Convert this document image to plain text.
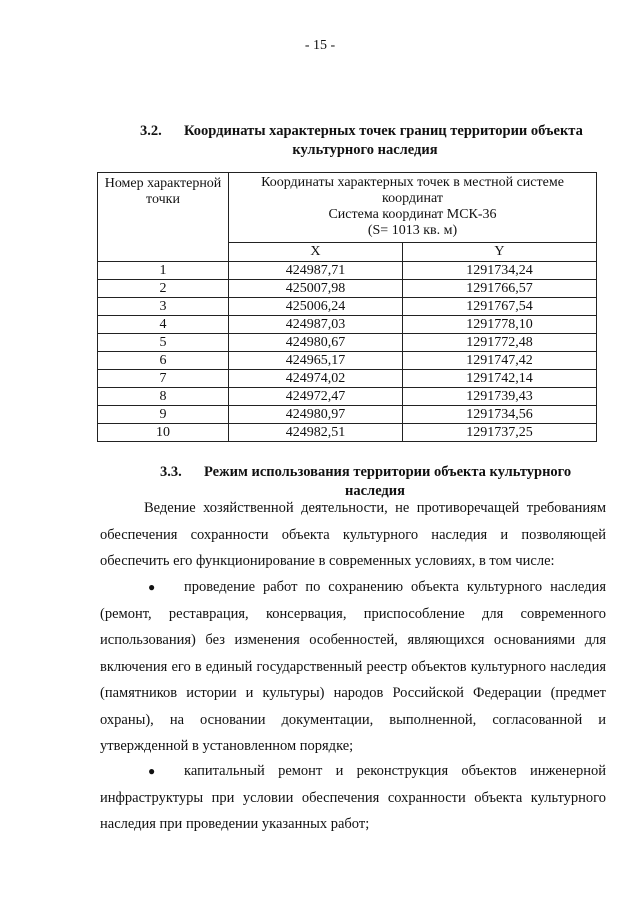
- 15 -
3.2. Координаты характерных точек границ территории объекта
культурного наследия
Номер характерной точки	Координаты характерных точек в местной системе координат
Система координат МСК-36
(S= 1013 кв. м)	

	X	Y
1	424987,71	1291734,24
2	425007,98	1291766,57
3	425006,24	1291767,54
4	424987,03	1291778,10
5	424980,67	1291772,48
6	424965,17	1291747,42
7	424974,02	1291742,14
8	424972,47	1291739,43
9	424980,97	1291734,56
10	424982,51	1291737,25
3.3. Режим использования территории объекта культурного
наследия
Ведение хозяйственной деятельности, не противоречащей требованиям обеспечения сохранности объекта культурного наследия и позволяющей обеспечить его функционирование в современных условиях, в том числе:
●	проведение работ по сохранению объекта культурного наследия (ремонт, реставрация, консервация, приспособление для современного использования) без изменения особенностей, являющихся основаниями для включения его в единый государственный реестр объектов культурного наследия (памятников истории и культуры) народов Российской Федерации (предмет охраны), на основании документации, выполненной, согласованной и утвержденной в установленном порядке;
●	капитальный ремонт и реконструкция объектов инженерной инфраструктуры при условии обеспечения сохранности объекта культурного наследия при проведении указанных работ;
